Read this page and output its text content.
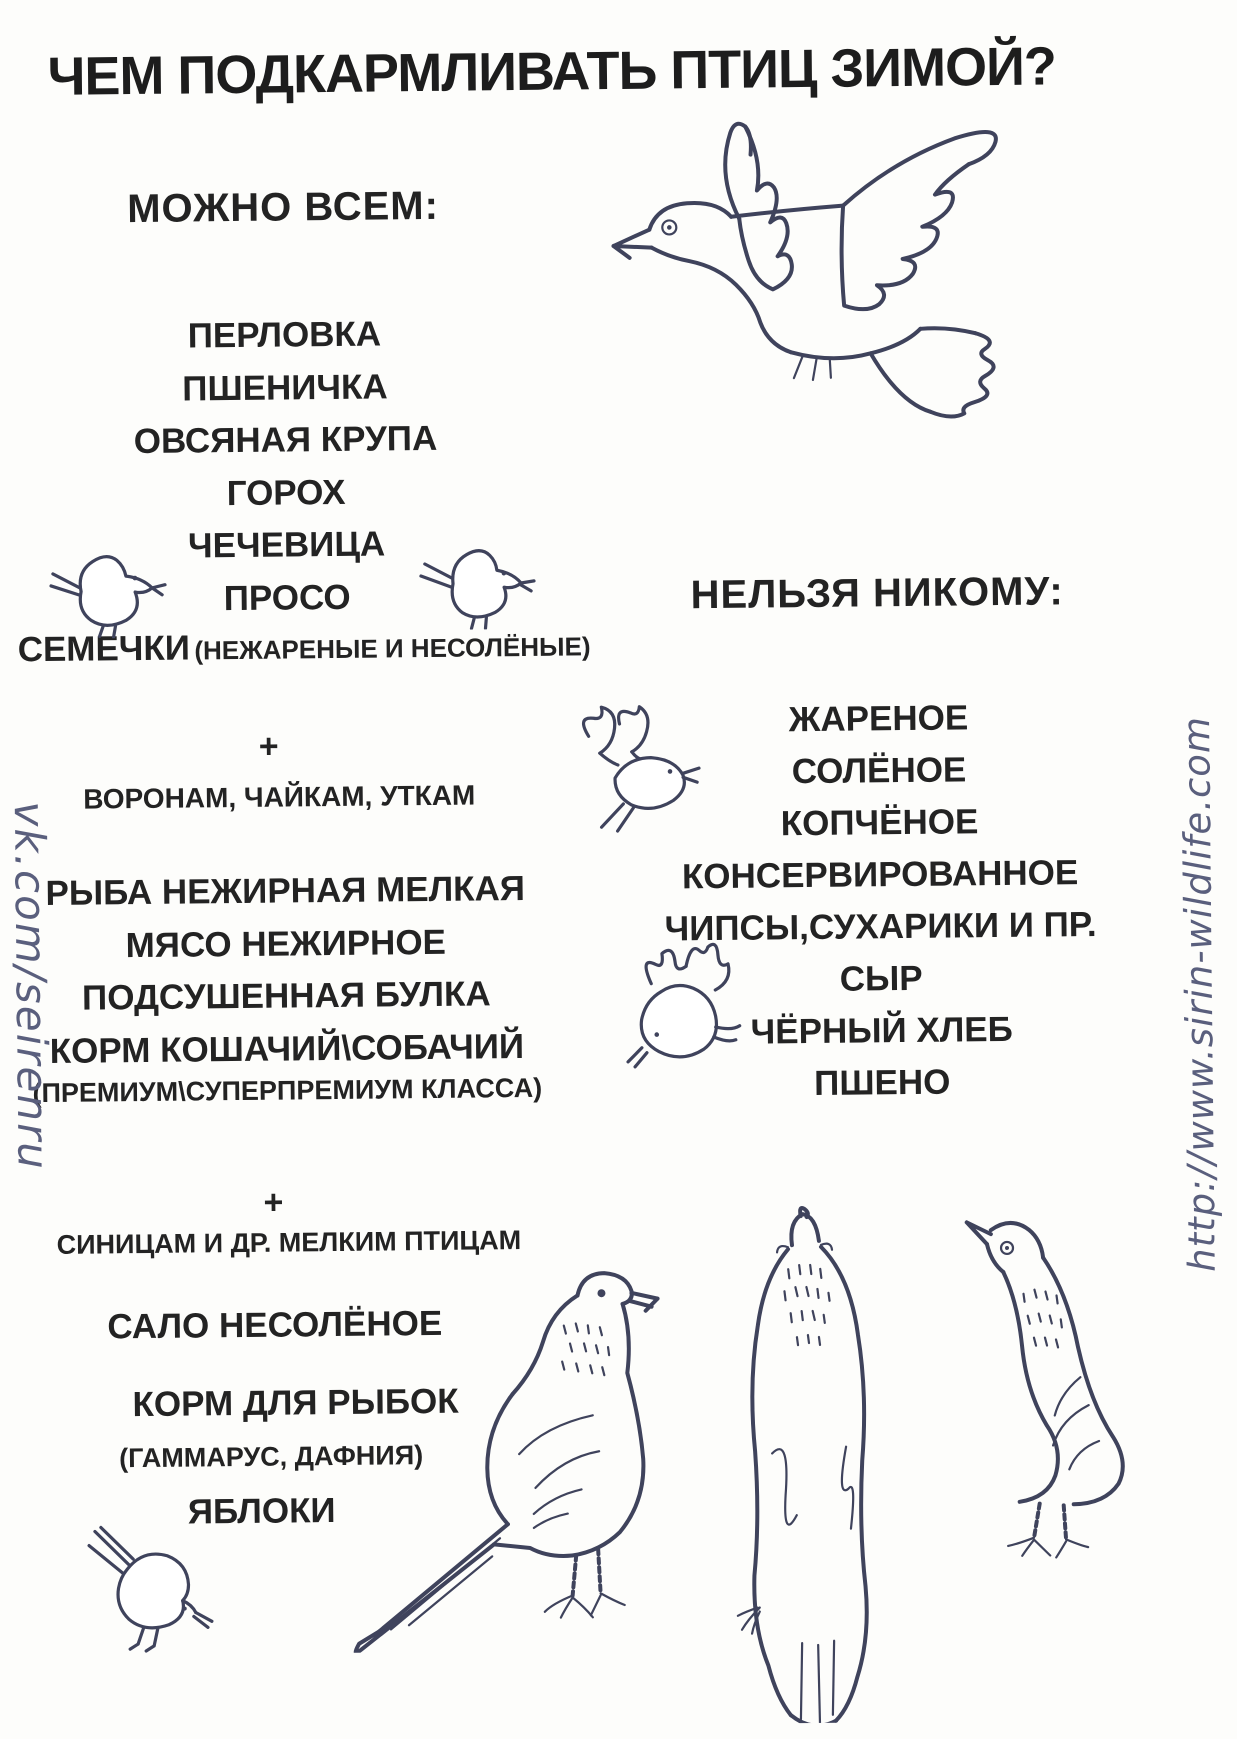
ЧЕМ ПОДКАРМЛИВАТЬ ПТИЦ ЗИМОЙ?
МОЖНО ВСЕМ:
ПЕРЛОВКА
ПШЕНИЧКА
ОВСЯНАЯ КРУПА
ГОРОХ
ЧЕЧЕВИЦА
ПРОСО
СЕМЕЧКИ (НЕЖАРЕНЫЕ И НЕСОЛЁНЫЕ)
+
ВОРОНАМ, ЧАЙКАМ, УТКАМ
РЫБА НЕЖИРНАЯ МЕЛКАЯ
МЯСО НЕЖИРНОЕ
ПОДСУШЕННАЯ БУЛКА
КОРМ КОШАЧИЙ\СОБАЧИЙ
(ПРЕМИУМ\СУПЕРПРЕМИУМ КЛАССА)
+
СИНИЦАМ И ДР. МЕЛКИМ ПТИЦАМ
САЛО НЕСОЛЁНОЕ
КОРМ ДЛЯ РЫБОК
(ГАММАРУС, ДАФНИЯ)
ЯБЛОКИ
НЕЛЬЗЯ НИКОМУ:
ЖАРЕНОЕ
СОЛЁНОЕ
КОПЧЁНОЕ
КОНСЕРВИРОВАННОЕ
ЧИПСЫ,СУХАРИКИ И ПР.
СЫР
ЧЁРНЫЙ ХЛЕБ
ПШЕНО
vk.com/seirenru	http://www.sirin-wildlife.com
